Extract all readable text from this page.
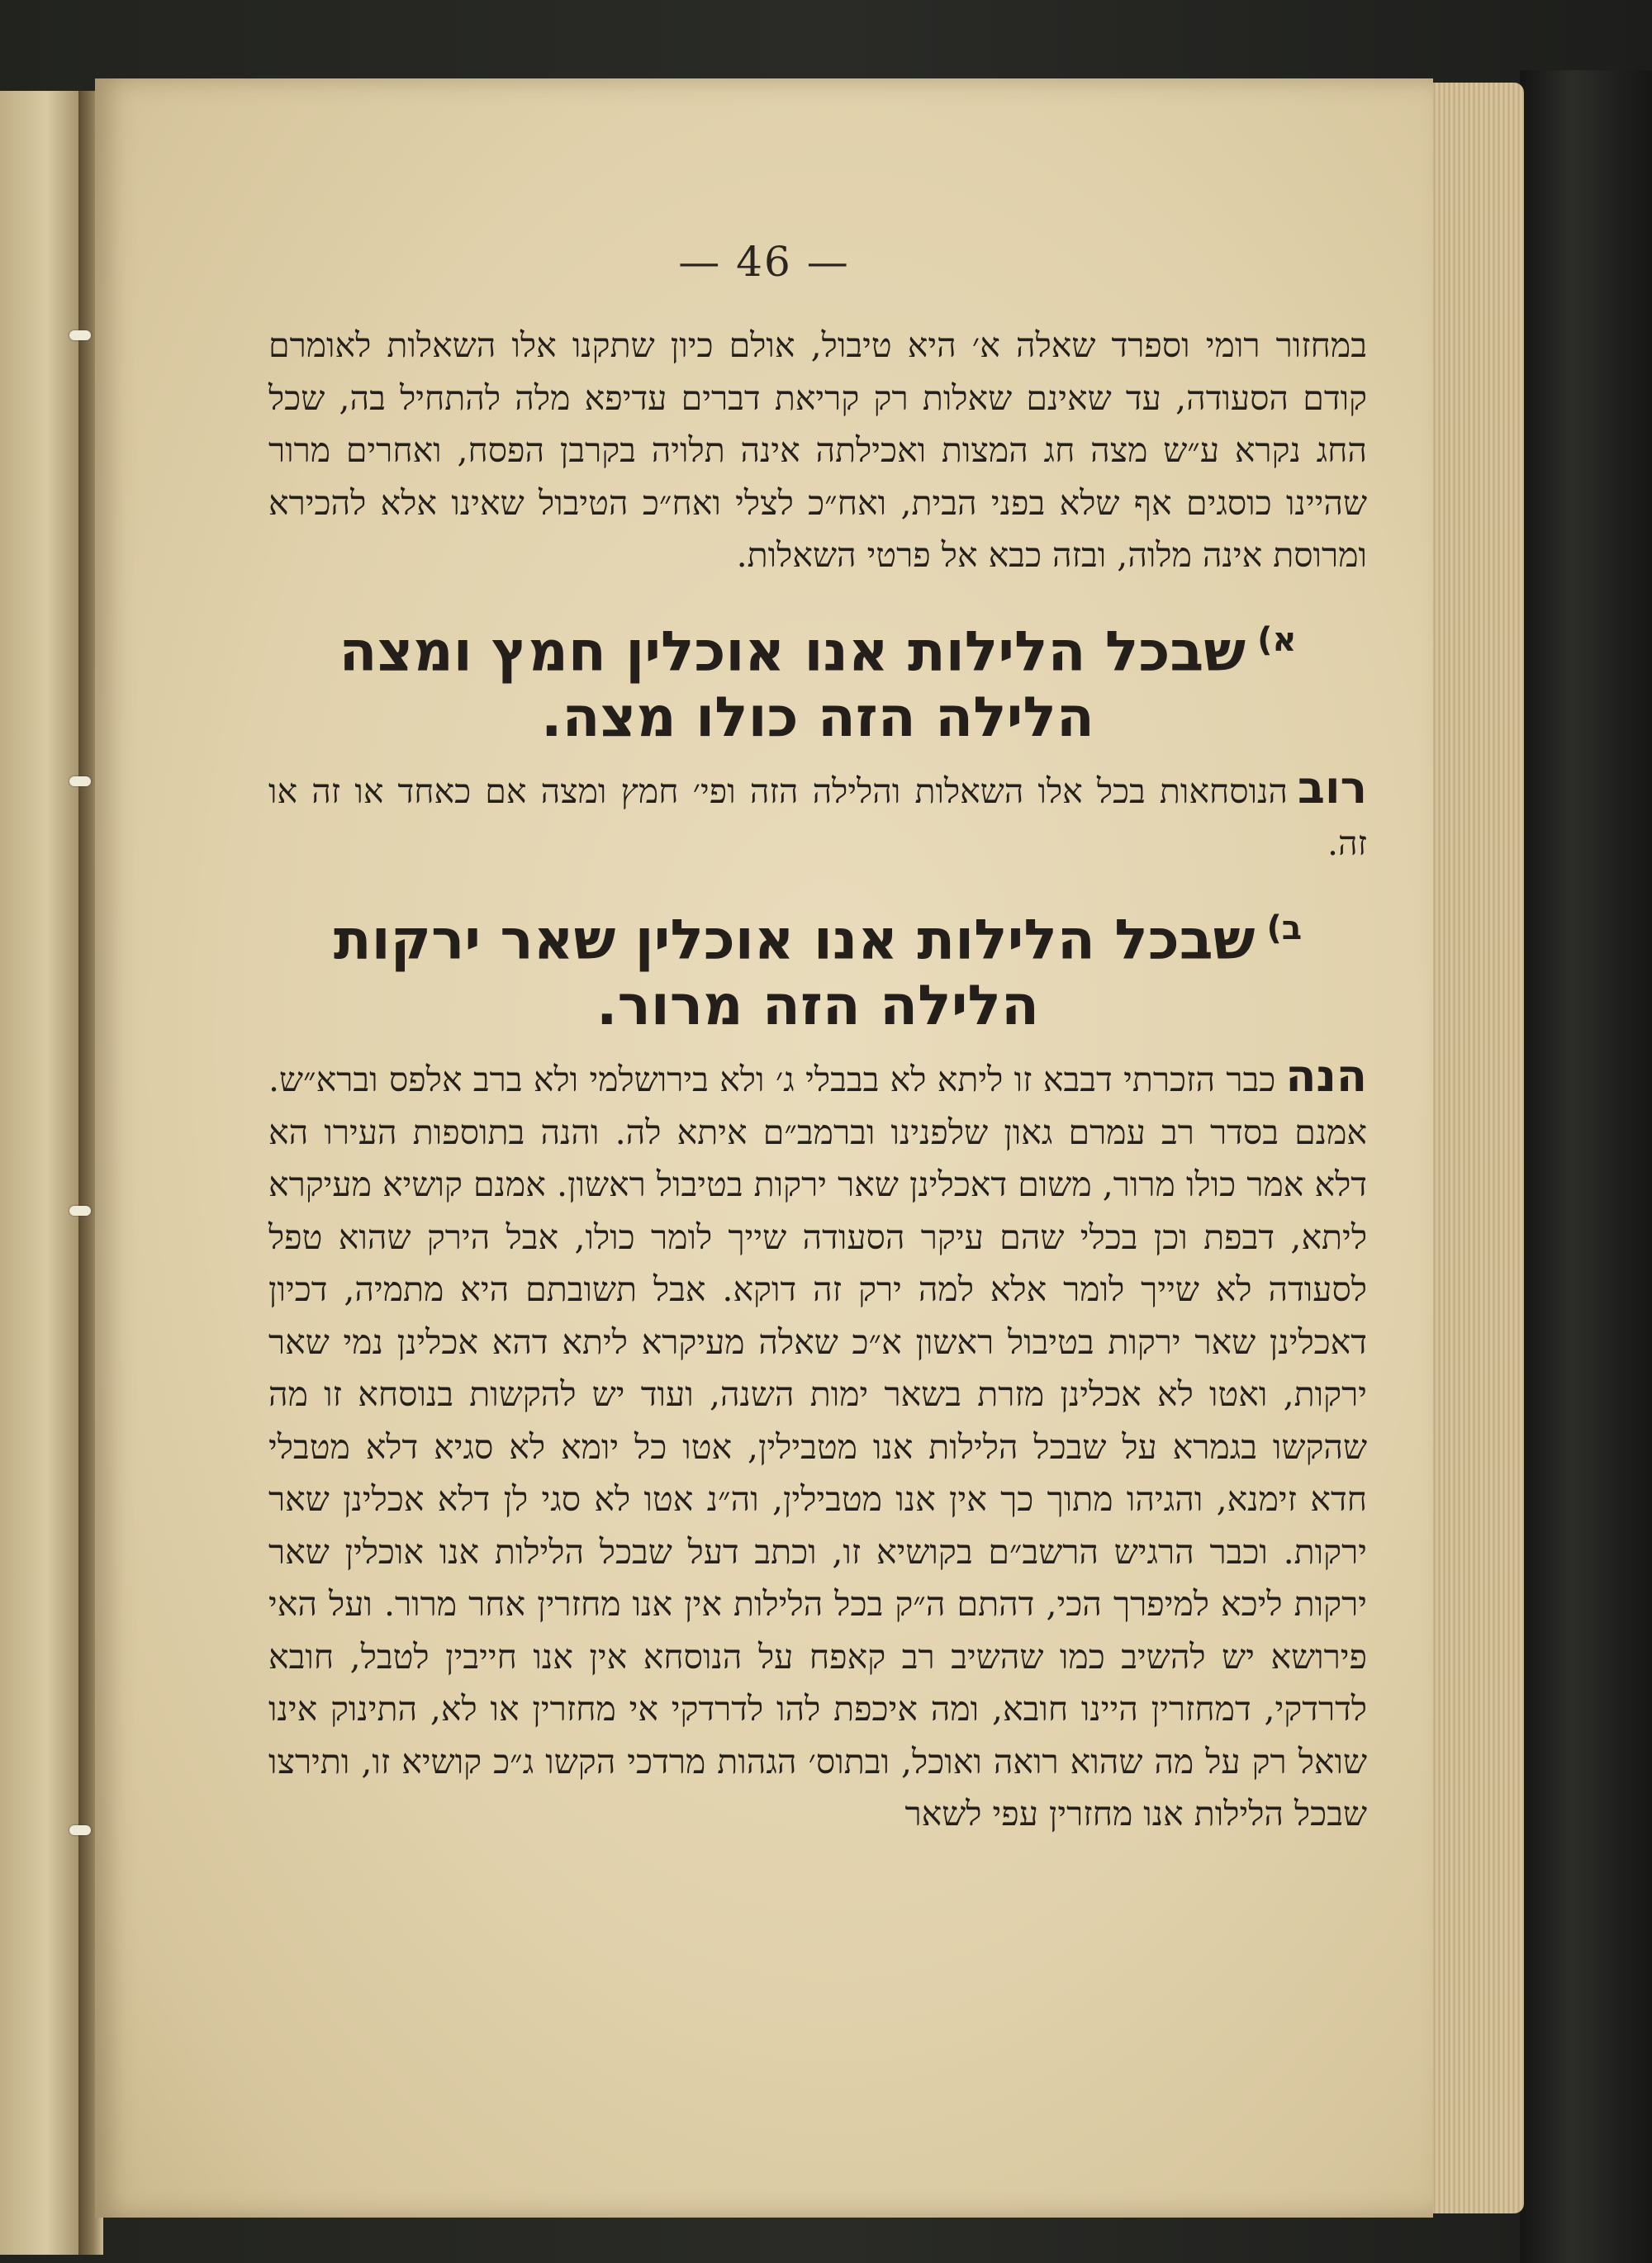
— 46 —
במחזור רומי וספרד שאלה א׳ היא טיבול, אולם כיון שתקנו אלו השאלות לאומרם קודם הסעודה, עד שאינם שאלות רק קריאת דברים עדיפא מלה להתחיל בה, שכל החג נקרא ע״ש מצה חג המצות ואכילתה אינה תלויה בקרבן הפסח, ואחרים מרור שהיינו כוסגים אף שלא בפני הבית, ואח״כ לצלי ואח״כ הטיבול שאינו אלא להכירא ומרוסת אינה מלוה, ובזה כבא אל פרטי השאלות.
$^{א)}$שבכל הלילות אנו אוכלין חמץ ומצה הלילה הזה כולו מצה.
רובהנוסחאות בכל אלו השאלות והלילה הזה ופי׳ חמץ ומצה אם כאחד או זה או זה.
$^{ב)}$שבכל הלילות אנו אוכלין שאר ירקות הלילה הזה מרור.
הנהכבר הזכרתי דבבא זו ליתא לא בבבלי ג׳ ולא בירושלמי ולא ברב אלפס וברא״ש. אמנם בסדר רב עמרם גאון שלפנינו וברמב״ם איתא לה. והנה בתוספות העירו הא דלא אמר כולו מרור, משום דאכלינן שאר ירקות בטיבול ראשון. אמנם קושיא מעיקרא ליתא, דבפת וכן בכלי שהם עיקר הסעודה שייך לומר כולו, אבל הירק שהוא טפל לסעודה לא שייך לומר אלא למה ירק זה דוקא. אבל תשובתם היא מתמיה, דכיון דאכלינן שאר ירקות בטיבול ראשון א״כ שאלה מעיקרא ליתא דהא אכלינן נמי שאר ירקות, ואטו לא אכלינן מזרת בשאר ימות השנה, ועוד יש להקשות בנוסחא זו מה שהקשו בגמרא על שבכל הלילות אנו מטבילין, אטו כל יומא לא סגיא דלא מטבלי חדא זימנא, והגיהו מתוך כך אין אנו מטבילין, וה״נ אטו לא סגי לן דלא אכלינן שאר ירקות. וכבר הרגיש הרשב״ם בקושיא זו, וכתב דעל שבכל הלילות אנו אוכלין שאר ירקות ליכא למיפרך הכי, דהתם ה״ק בכל הלילות אין אנו מחזרין אחר מרור. ועל האי פירושא יש להשיב כמו שהשיב רב קאפח על הנוסחא אין אנו חייבין לטבל, חובא לדרדקי, דמחזרין היינו חובא, ומה איכפת להו לדרדקי אי מחזרין או לא, התינוק אינו שואל רק על מה שהוא רואה ואוכל, ובתוס׳ הגהות מרדכי הקשו ג״כ קושיא זו, ותירצו שבכל הלילות אנו מחזרין עפי לשאר
